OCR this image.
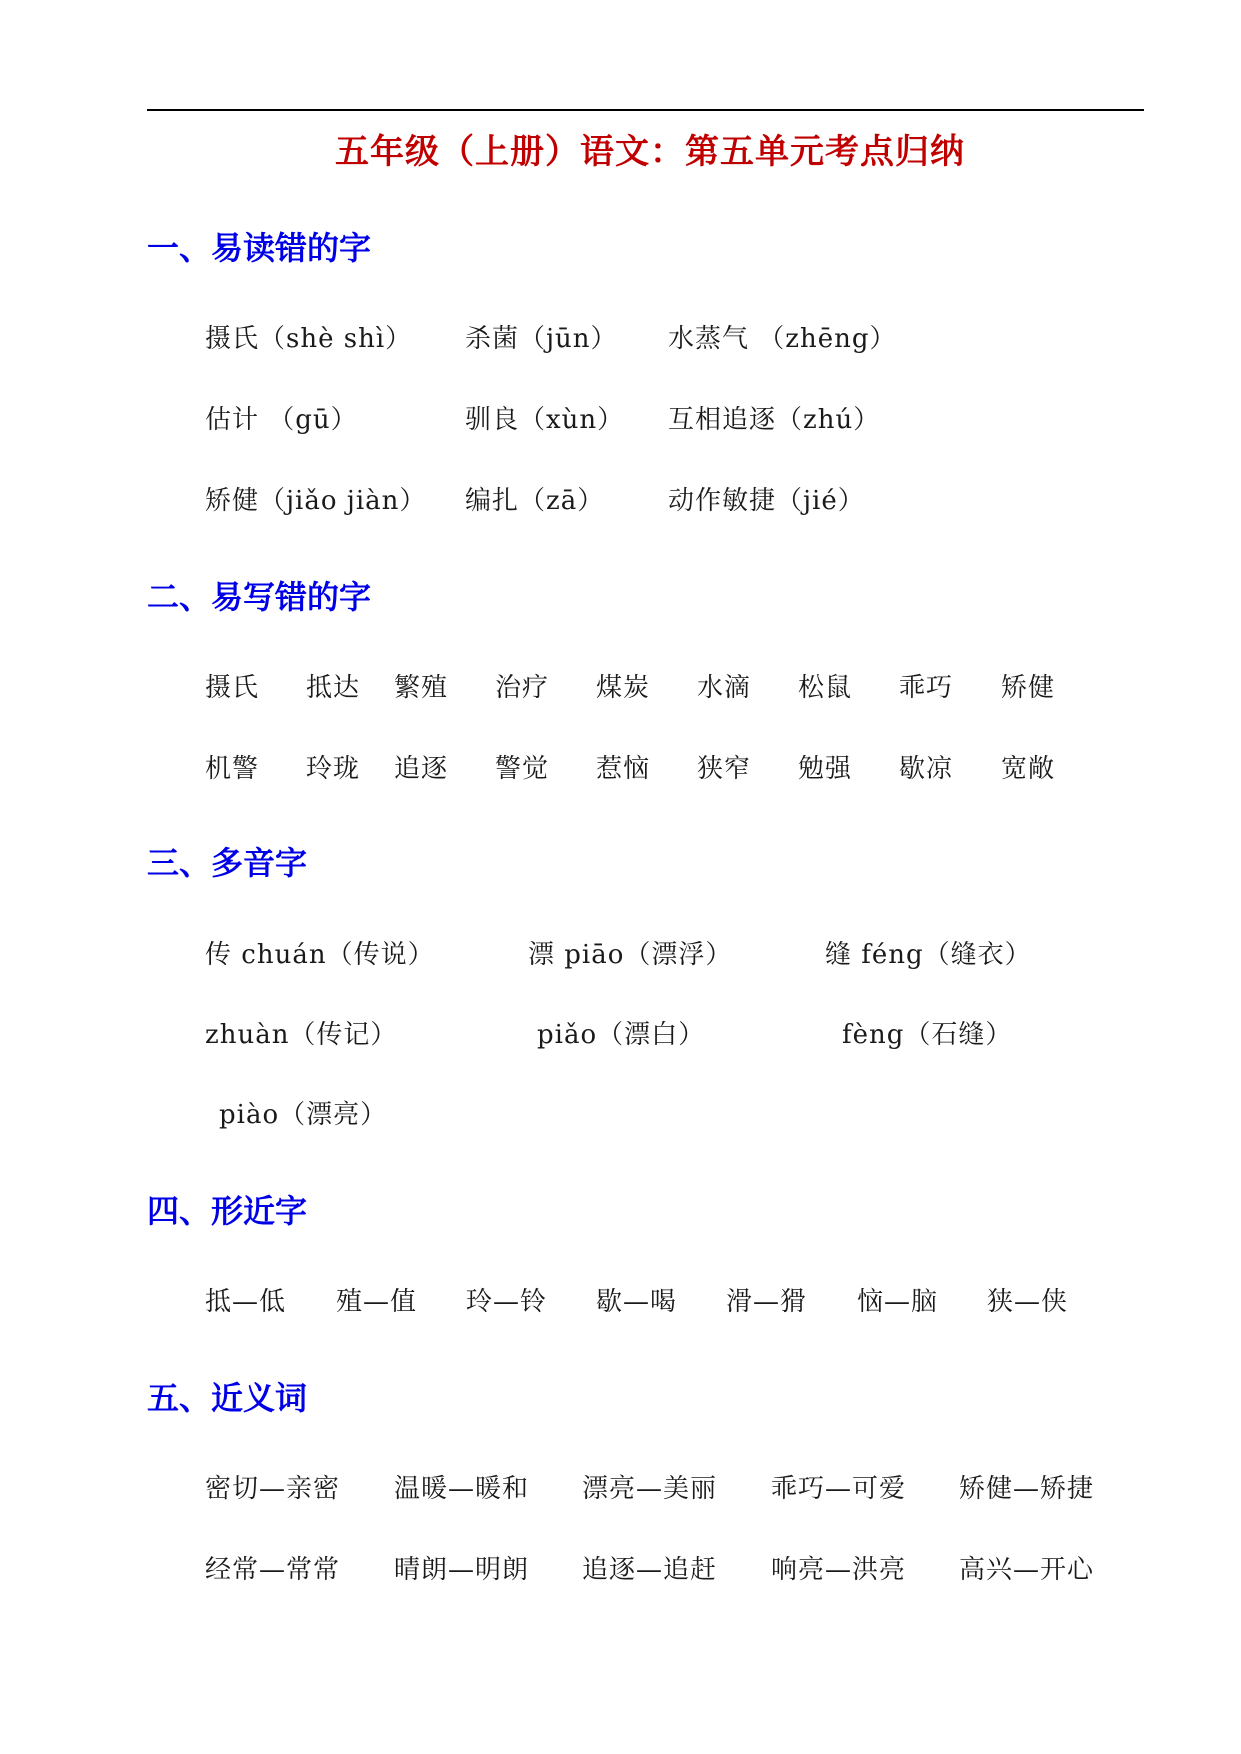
五年级（上册）语文：第五单元考点归纳
一、易读错的字
摄氏（shè shì） 杀菌（jūn） 水蒸气 （zhēng）
估计 （gū）	驯良（xùn） 互相追逐（zhú）
矫健（jiǎo jiàn） 编扎（zā） 动作敏捷（jié）
二、易写错的字
摄氏 抵达 繁殖 治疗 煤炭 水滴 松鼠 乖巧 矫健
机警 玲珑 追逐 警觉 惹恼 狭窄 勉强 歇凉 宽敞
三、多音字
传 chuán（传说）	漂 piāo（漂浮）	缝 féng（缝衣）
zhuàn（传记）	piǎo（漂白）	fèng（石缝）
piào（漂亮）
四、形近字
抵—低 殖—值 玲—铃 歇—喝 滑—猾 恼—脑 狭—侠
五、近义词
密切—亲密 温暖—暖和 漂亮—美丽 乖巧—可爱 矫健—矫捷
经常—常常 晴朗—明朗 追逐—追赶 响亮—洪亮 高兴—开心
